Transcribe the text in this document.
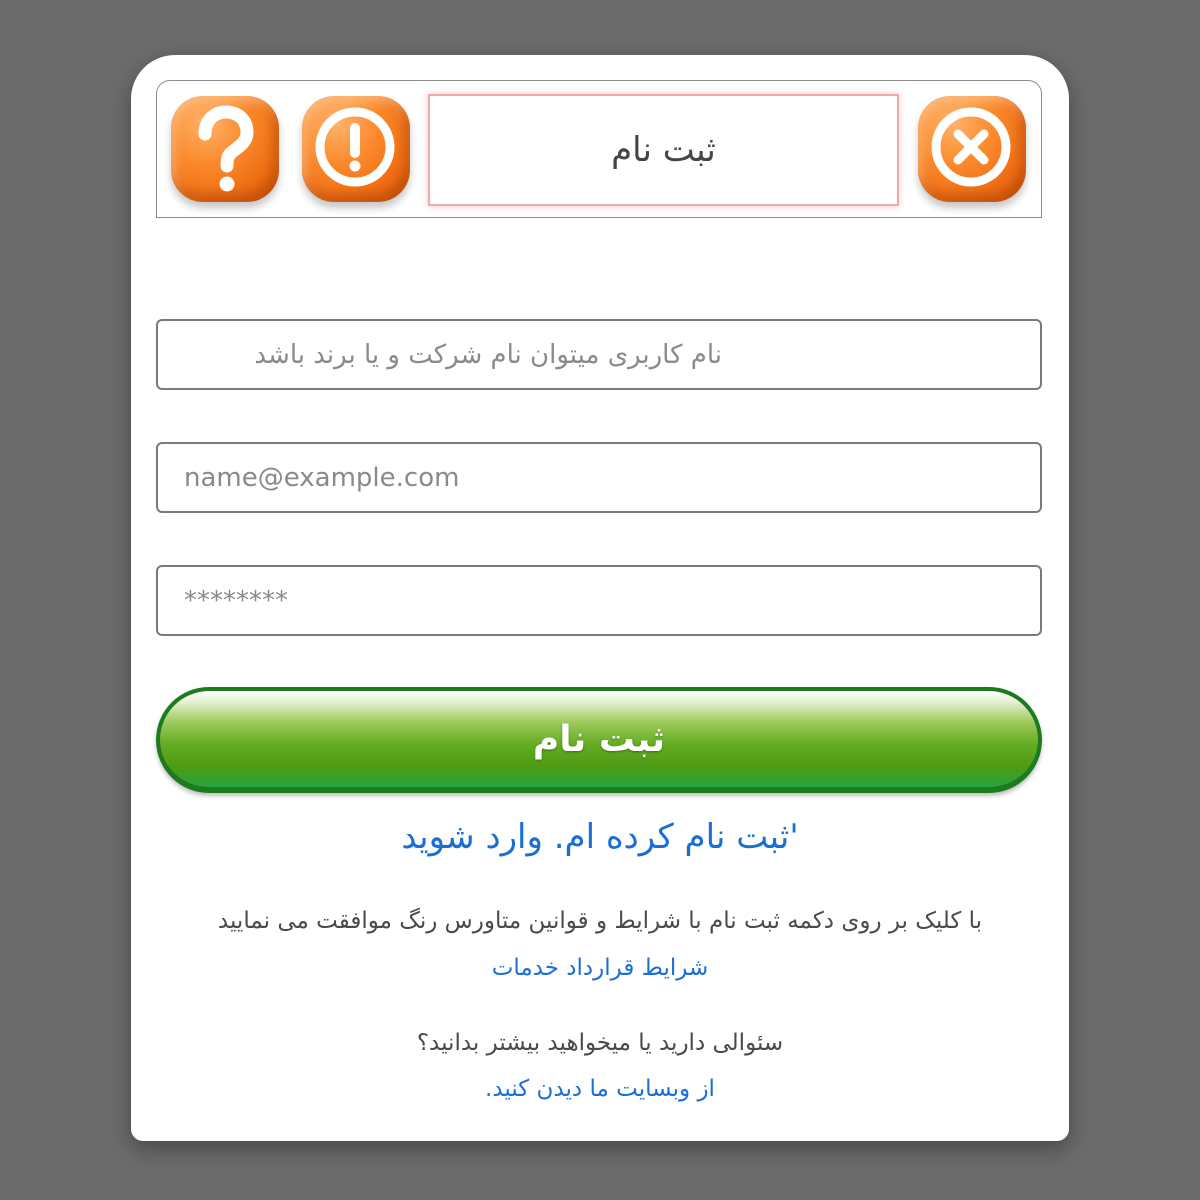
ثبت نام
نام کاربری میتوان نام شرکت و یا برند باشد
name@example.com
********
ثبت نام
'ثبت نام کرده ام. وارد شوید
با کلیک بر روی دکمه ثبت نام با شرایط و قوانین متاورس رنگ موافقت می نمایید
شرایط قرارداد خدمات
سئوالی دارید یا میخواهید بیشتر بدانید؟
از وبسایت ما دیدن کنید.
